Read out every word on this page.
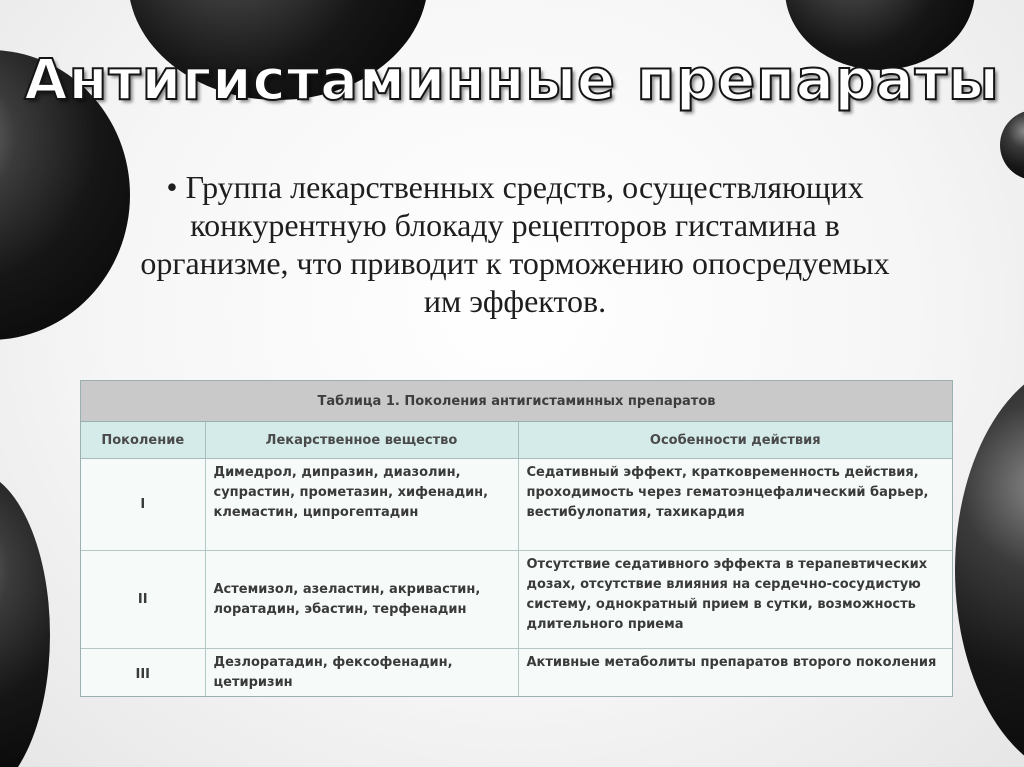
Антигистаминные препараты
• Группа лекарственных средств, осуществляющих конкурентную блокаду рецепторов гистамина в организме, что приводит к торможению опосредуемых им эффектов.
Таблица 1. Поколения антигистаминных препаратов		
Поколение	Лекарственное вещество	Особенности действия
I	Димедрол, дипразин, диазолин, супрастин, прометазин, хифенадин, клемастин, ципрогептадин	Седативный эффект, кратковременность действия, проходимость через гематоэнцефалический барьер, вестибулопатия, тахикардия
II	Астемизол, азеластин, акривастин, лоратадин, эбастин, терфенадин	Отсутствие седативного эффекта в терапевтических дозах, отсутствие влияния на сердечно-сосудистую систему, однократный прием в сутки, возможность длительного приема
III	Дезлоратадин, фексофенадин, цетиризин	Активные метаболиты препаратов второго поколения
